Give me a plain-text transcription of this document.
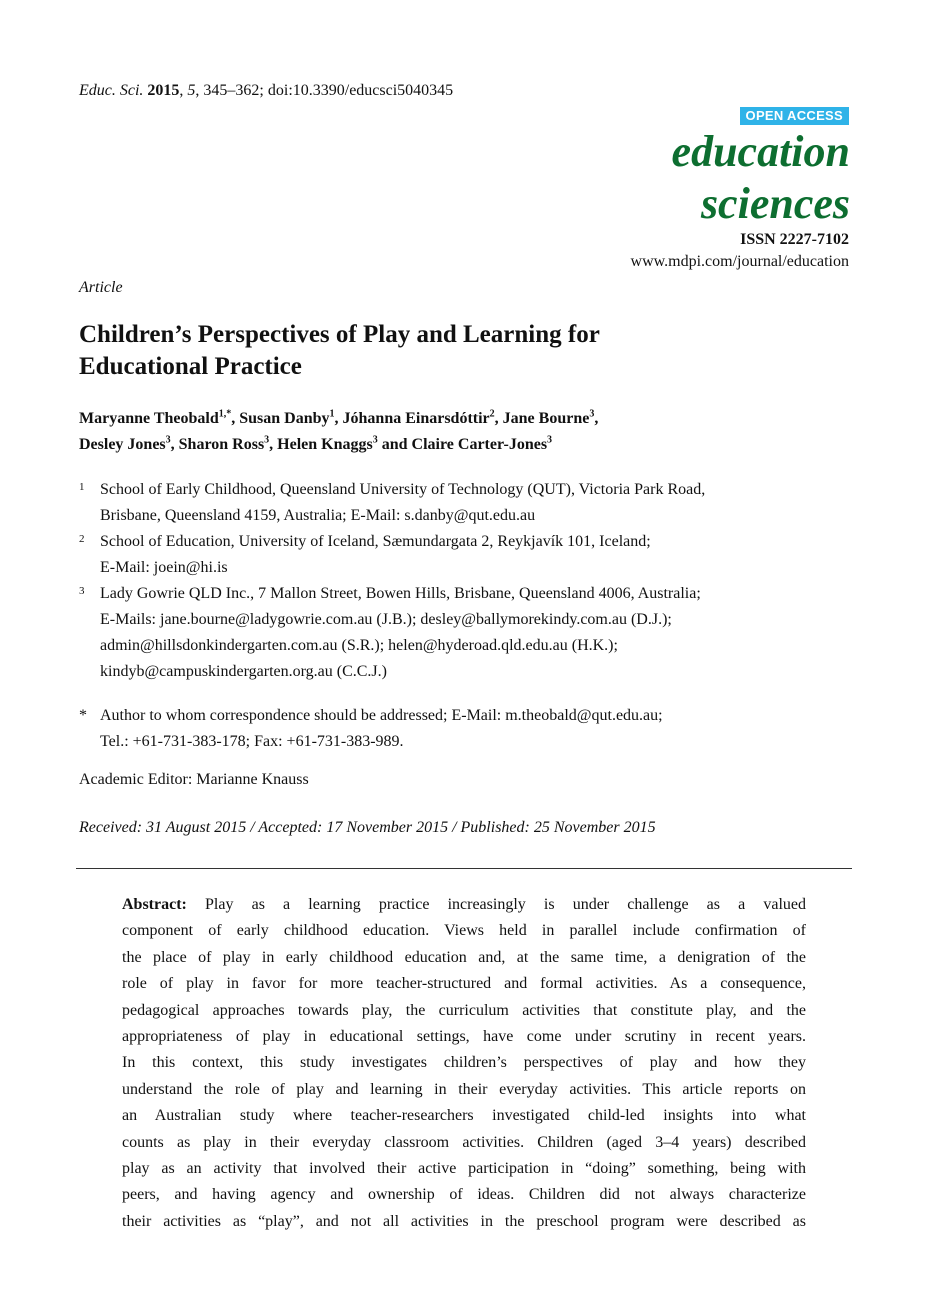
Educ. Sci. 2015, 5, 345–362; doi:10.3390/educsci5040345
OPEN ACCESS
education
sciences
ISSN 2227-7102
www.mdpi.com/journal/education
Article
Children’s Perspectives of Play and Learning for
Educational Practice
Maryanne Theobald$^{1,*}$, Susan Danby$^1$, Jóhanna Einarsdóttir$^2$, Jane Bourne$^3$,
Desley Jones$^3$, Sharon Ross$^3$, Helen Knaggs$^3$ and Claire Carter-Jones$^3$
1 School of Early Childhood, Queensland University of Technology (QUT), Victoria Park Road,
Brisbane, Queensland 4159, Australia; E-Mail: s.danby@qut.edu.au
2 School of Education, University of Iceland, Sæmundargata 2, Reykjavík 101, Iceland;
E-Mail: joein@hi.is
3 Lady Gowrie QLD Inc., 7 Mallon Street, Bowen Hills, Brisbane, Queensland 4006, Australia;
E-Mails: jane.bourne@ladygowrie.com.au (J.B.); desley@ballymorekindy.com.au (D.J.);
admin@hillsdonkindergarten.com.au (S.R.); helen@hyderoad.qld.edu.au (H.K.);
kindyb@campuskindergarten.org.au (C.C.J.)
* Author to whom correspondence should be addressed; E-Mail: m.theobald@qut.edu.au;
Tel.: +61-731-383-178; Fax: +61-731-383-989.
Academic Editor: Marianne Knauss
Received: 31 August 2015 / Accepted: 17 November 2015 / Published: 25 November 2015
Abstract: Play as a learning practice increasingly is under challenge as a valued
component of early childhood education. Views held in parallel include confirmation of
the place of play in early childhood education and, at the same time, a denigration of the
role of play in favor for more teacher-structured and formal activities. As a consequence,
pedagogical approaches towards play, the curriculum activities that constitute play, and the
appropriateness of play in educational settings, have come under scrutiny in recent years.
In this context, this study investigates children’s perspectives of play and how they
understand the role of play and learning in their everyday activities. This article reports on
an Australian study where teacher-researchers investigated child-led insights into what
counts as play in their everyday classroom activities. Children (aged 3–4 years) described
play as an activity that involved their active participation in “doing” something, being with
peers, and having agency and ownership of ideas. Children did not always characterize
their activities as “play”, and not all activities in the preschool program were described as
